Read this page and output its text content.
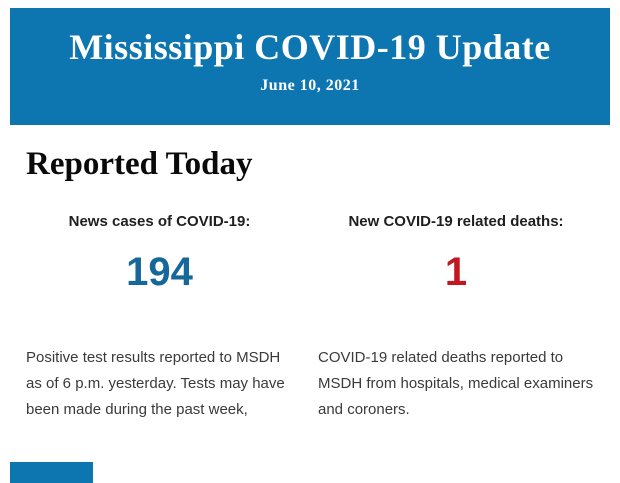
Mississippi COVID-19 Update
June 10, 2021
Reported Today
News cases of COVID-19:
194

Positive test results reported to MSDH as of 6 p.m. yesterday. Tests may have been made during the past week,

New COVID-19 related deaths:
1

COVID-19 related deaths reported to MSDH from hospitals, medical examiners and coroners.
